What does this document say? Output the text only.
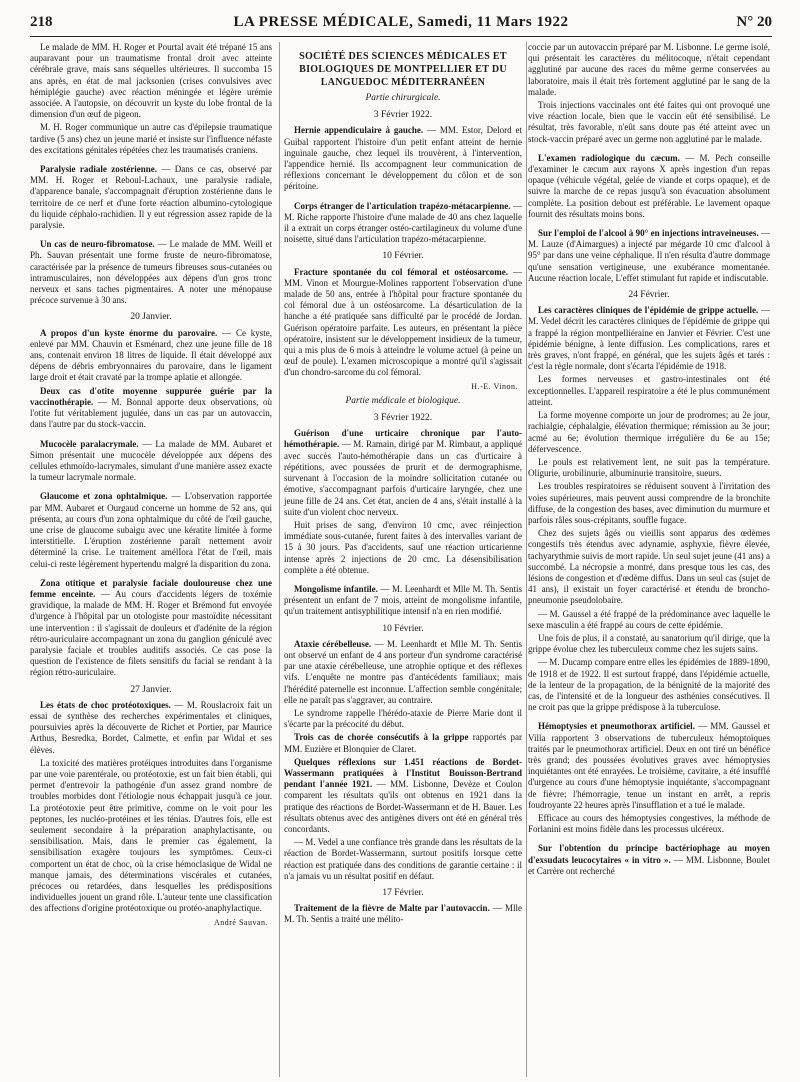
218	LA PRESSE MÉDICALE, Samedi, 11 Mars 1922	N° 20

Le malade de MM. H. Roger et Pourtal avait été trépané 15 ans auparavant pour un traumatisme frontal droit avec atteinte cérébrale grave, mais sans séquelles ultérieures. Il succomba 15 ans après, en état de mal jacksonien (crises convulsives avec hémiplégie gauche) avec réaction méningée et légère urémie associée. A l'autopsie, on découvrit un kyste du lobe frontal de la dimension d'un œuf de pigeon.

M. H. Roger communique un autre cas d'épilepsie traumatique tardive (5 ans) chez un jeune marié et insiste sur l'influence néfaste des excitations génitales répétées chez les traumatisés craniens.

Paralysie radiale zostérienne. — Dans ce cas, observé par MM. H. Roger et Reboul-Lachaux, une paralysie radiale, d'apparence banale, s'accompagnait d'éruption zostérienne dans le territoire de ce nerf et d'une forte réaction albumino-cytologique du liquide céphalo-rachidien. Il y eut régression assez rapide de la paralysie.

Un cas de neuro-fibromatose. — Le malade de MM. Weill et Ph. Sauvan présentait une forme fruste de neuro-fibromatose, caractérisée par la présence de tumeurs fibreuses sous-cutanées ou intramusculaires, non développées aux dépens d'un gros tronc nerveux et sans taches pigmentaires. A noter une ménopause précoce survenue à 30 ans.

20 Janvier.

A propos d'un kyste énorme du parovaire. — Ce kyste, enlevé par MM. Chauvin et Esménard, chez une jeune fille de 18 ans, contenait environ 18 litres de liquide. Il était développé aux dépens de débris embryonnaires du parovaire, dans le ligament large droit et était cravaté par la trompe aplatie et allongée.

Deux cas d'otite moyenne suppurée guérie par la vaccinothérapie. — M. Bonnal apporte deux observations, où l'otite fut véritablement jugulée, dans un cas par un autovaccin, dans l'autre par du stock-vaccin.

Mucocèle paralacrymale. — La malade de MM. Aubaret et Simon présentait une mucocèle développée aux dépens des cellules ethmoïdo-lacrymales, simulant d'une manière assez exacte la tumeur lacrymale normale.

Glaucome et zona ophtalmique. — L'observation rapportée par MM. Aubaret et Ourgaud concerne un homme de 52 ans, qui présenta, au cours d'un zona ophtalmique du côté de l'œil gauche, une crise de glaucome subaigu avec une kératite limitée à forme interstitielle. L'éruption zostérienne paraît nettement avoir déterminé la crise. Le traitement amélIora l'état de l'œil, mais celui-ci reste légèrement hypertendu malgré la disparition du zona.

Zona otitique et paralysie faciale douloureuse chez une femme enceinte. — Au cours d'accidents légers de toxémie gravidique, la malade de MM. H. Roger et Brémond fut envoyée d'urgence à l'hôpital par un otologiste pour mastoïdite nécessitant une intervention : il s'agissait de douleurs et d'adénite de la région rétro-auriculaire accompagnant un zona du ganglion géniculé avec paralysie faciale et troubles auditifs associés. Ce cas pose la question de l'existence de filets sensitifs du facial se rendant à la région rétro-auriculaire.

27 Janvier.

Les états de choc protéotoxiques. — M. Rouslacroix fait un essai de synthèse des recherches expérimentales et cliniques, poursuivies après la découverte de Richet et Portier, par Maurice Arthus, Besredka, Bordet, Calmette, et enfin par Widal et ses élèves.

La toxicité des matières protéiques introduites dans l'organisme par une voie parentérale, ou protéotoxie, est un fait bien établi, qui permet d'entrevoir la pathogénie d'un assez grand nombre de troubles morbides dont l'étiologie nous échappait jusqu'à ce jour. La protéotoxie peut être primitive, comme on le voit pour les peptones, les nucléo-protéines et les ténias. D'autres fois, elle est seulement secondaire à la préparation anaphylactisante, ou sensibilisation. Mais, dans le premier cas également, la sensibilisation exagère toujours les symptômes. Ceux-ci comportent un état de choc, où la crise hémoclasique de Widal ne manque jamais, des déterminations viscérales et cutanées, précoces ou retardées, dans lesquelles les prédispositions individuelles jouent un grand rôle. L'auteur tente une classification des affections d'origine protéotoxique ou protéo-anaphylactique.

André Sauvan.
SOCIÉTÉ DES SCIENCES MÉDICALES ET BIOLOGIQUES DE MONTPELLIER ET DU LANGUEDOC MÉDITERRANÉEN
Partie chirurgicale.
3 Février 1922.

Hernie appendiculaire à gauche. — MM. Estor, Delord et Guibal rapportent l'histoire d'un petit enfant atteint de hernie inguinale gauche, chez lequel ils trouvèrent, à l'intervention, l'appendice hernié. Ils accompagnent leur communication de réflexions concernant le développement du côlon et de son péritoine.

Corps étranger de l'articulation trapézo-métacarpienne. — M. Riche rapporte l'histoire d'une malade de 40 ans chez laquelle il a extrait un corps étranger ostéo-cartilagineux du volume d'une noisette, situé dans l'articulation trapézo-métacarpienne.

10 Février.

Fracture spontanée du col fémoral et ostéosarcome. — MM. Vinon et Mourgue-Molines rapportent l'observation d'une malade de 50 ans, entrée à l'hôpital pour fracture spontanée du col fémoral due à un ostéosarcome. La désarticulation de la hanche a été pratiquée sans difficulté par le procédé de Jordan. Guérison opératoire parfaite. Les auteurs, en présentant la pièce opératoire, insistent sur le développement insidieux de la tumeur, qui a mis plus de 6 mois à atteindre le volume actuel (à peine un œuf de poule). L'examen microscopique a montré qu'il s'agissait d'un chondro-sarcome du col fémoral.

H.-E. Vinon.
Partie médicale et biologique.
3 Février 1922.

Guérison d'une urticaire chronique par l'auto-hémothérapie. — M. Ramain, dirigé par M. Rimbaut, a appliqué avec succès l'auto-hémothérapie dans un cas d'urticaire à répétitions, avec poussées de prurit et de dermographisme, survenant à l'occasion de la moindre sollicitation cutanée ou émotive, s'accompagnant parfois d'urticaire laryngée, chez une jeune fille de 24 ans. Cet état, ancien de 4 ans, s'était installé à la suite d'un violent choc nerveux.

Huit prises de sang, d'environ 10 cmc, avec réinjection immédiate sous-cutanée, furent faites à des intervalles variant de 15 à 30 jours. Pas d'accidents, sauf une réaction urticarienne intense après 2 injections de 20 cmc. La désensibilisation complète a été obtenue.

Mongolisme infantile. — M. Leenhardt et Mlle M. Th. Sentis présentent un enfant de 7 mois, atteint de mongolisme infantile, qu'un traitement antisyphilitique intensif n'a en rien modifié.

10 Février.

Ataxie cérébelleuse. — M. Leenhardt et Mlle M. Th. Sentis ont observé un enfant de 4 ans porteur d'un syndrome caractérisé par une ataxie cérébelleuse, une atrophie optique et des réflexes vifs. L'enquête ne montre pas d'antécédents familiaux; mais l'hérédité paternelle est inconnue. L'affection semble congénitale; elle ne paraît pas s'aggraver, au contraire.

Le syndrome rappelle l'hérédo-ataxie de Pierre Marie dont il s'écarte par la précocité du début.

Trois cas de chorée consécutifs à la grippe rapportés par MM. Euzière et Blonquier de Claret.

Quelques réflexions sur 1.451 réactions de Bordet-Wassermann pratiquées à l'Institut Bouisson-Bertrand pendant l'année 1921. — MM. Lisbonne, Devèze et Coulon comparent les résultats qu'ils ont obtenus en 1921 dans la pratique des réactions de Bordet-Wassermann et de H. Bauer. Les résultats obtenus avec des antigènes divers ont été en général très concordants.

— M. Vedel a une confiance très grande dans les résultats de la réaction de Bordet-Wassermann, surtout positifs lorsque cette réaction est pratiquée dans des conditions de garantie certaine : il n'a jamais vu un résultat positif en défaut.

17 Février.

Traitement de la fièvre de Malte par l'autovaccin. — Mlle M. Th. Sentis a traité une mélito-

coccie par un autovaccin préparé par M. Lisbonne. Le germe isolé, qui présentait les caractères du mélitocoque, n'était cependant agglutiné par aucune des races du même germe conservées au laboratoire, mais il était très fortement agglutiné par le sang de la malade.

Trois injections vaccinales ont été faites qui ont provoqué une vive réaction locale, bien que le vaccin eût été sensibilisé. Le résultat, très favorable, n'eût sans doute pas été atteint avec un stock-vaccin préparé avec un germe non agglutiné par le malade.

L'examen radiologique du cæcum. — M. Pech conseille d'examiner le cæcum aux rayons X après ingestion d'un repas opaque (véhicule végétal, gelée de viande et corps opaque), et de suivre la marche de ce repas jusqu'à son évacuation absolument complète. La position debout est préférable. Le lavement opaque fournit des résultats moins bons.

Sur l'emploi de l'alcool à 90° en injections intraveineuses. — M. Lauze (d'Aimargues) a injecté par mégarde 10 cmc d'alcool à 95° par dans une veine céphalique. Il n'en résulta d'autre dommage qu'une sensation vertigineuse, une exubérance momentanée. Aucune réaction locale, L'effet stimulant fut rapide et indiscutable.

24 Février.

Les caractères cliniques de l'épidémie de grippe actuelle. — M. Vedel décrit les caractères cliniques de l'épidémie de grippe qui a frappé la région montpelliéraine en Janvier et Février. C'est une épidémie bénigne, à lente diffusion. Les complications, rares et très graves, n'ont frappé, en général, que les sujets âgés et tarés : c'est la règle normale, dont s'écarta l'épidémie de 1918.

Les formes nerveuses et gastro-intestinales ont été exceptionnelles. L'appareil respiratoire a été le plus communément atteint.

La forme moyenne comporte un jour de prodromes; au 2e jour, rachialgie, céphalalgie, élévation thermique; rémission au 3e jour; acmé au 6e; évolution thermique irrégulière du 6e au 15e; défervescence.

Le pouls est relativement lent, ne suit pas la température. Oligurie, urobilinurie, albuminurie transitoire, sueurs.

Les troubles respiratoires se réduisent souvent à l'irritation des voies supérieures, mais peuvent aussi comprendre de la bronchite diffuse, de la congestion des bases, avec diminution du murmure et parfois râles sous-crépitants, souffle fugace.

Chez des sujets âgés ou vieillis sont apparus des œdèmes congestifs très étendus avec adynamie, asphyxie, fièvre élevée, tachyarythmie suivis de mort rapide. Un seul sujet jeune (41 ans) a succombé. La nécropsie a montré, dans presque tous les cas, des lésions de congestion et d'œdème diffus. Dans un seul cas (sujet de 41 ans), il existait un foyer caractérisé et étendu de broncho-pneumonie pseudolobaire.

— M. Gaussel a été frappé de la prédominance avec laquelle le sexe masculin a été frappé au cours de cette épidémie.

Une fois de plus, il a constaté, au sanatorium qu'il dirige, que la grippe évolue chez les tuberculeux comme chez les sujets sains.

— M. Ducamp compare entre elles les épidémies de 1889-1890, de 1918 et de 1922. Il est surtout frappé, dans l'épidémie actuelle, de la lenteur de la propagation, de la bénignité de la majorité des cas, de l'intensité et de la longueur des asthénies consécutives. Il ne croit pas que la grippe prédispose à la tuberculose.

Hémoptysies et pneumothorax artificiel. — MM. Gaussel et Villa rapportent 3 observations de tuberculeux hémoptoïques traités par le pneumothorax artificiel. Deux en ont tiré un bénéfice très grand; des poussées évolutives graves avec hémoptysies inquiétantes ont été enrayées. Le troisième, cavitaire, a été insufflé d'urgence au cours d'une hémoptysie inquiétante, s'accompagnant de fièvre; l'hémorragie, tenue un instant en arrêt, a repris foudroyante 22 heures après l'insufflation et a tué le malade.

Efficace au cours des hémoptysies congestives, la méthode de Forlanini est moins fidèle dans les processus ulcéreux.

Sur l'obtention du principe bactériophage au moyen d'exsudats leucocytaires « in vitro ». — MM. Lisbonne, Boulet et Carrère ont recherché
